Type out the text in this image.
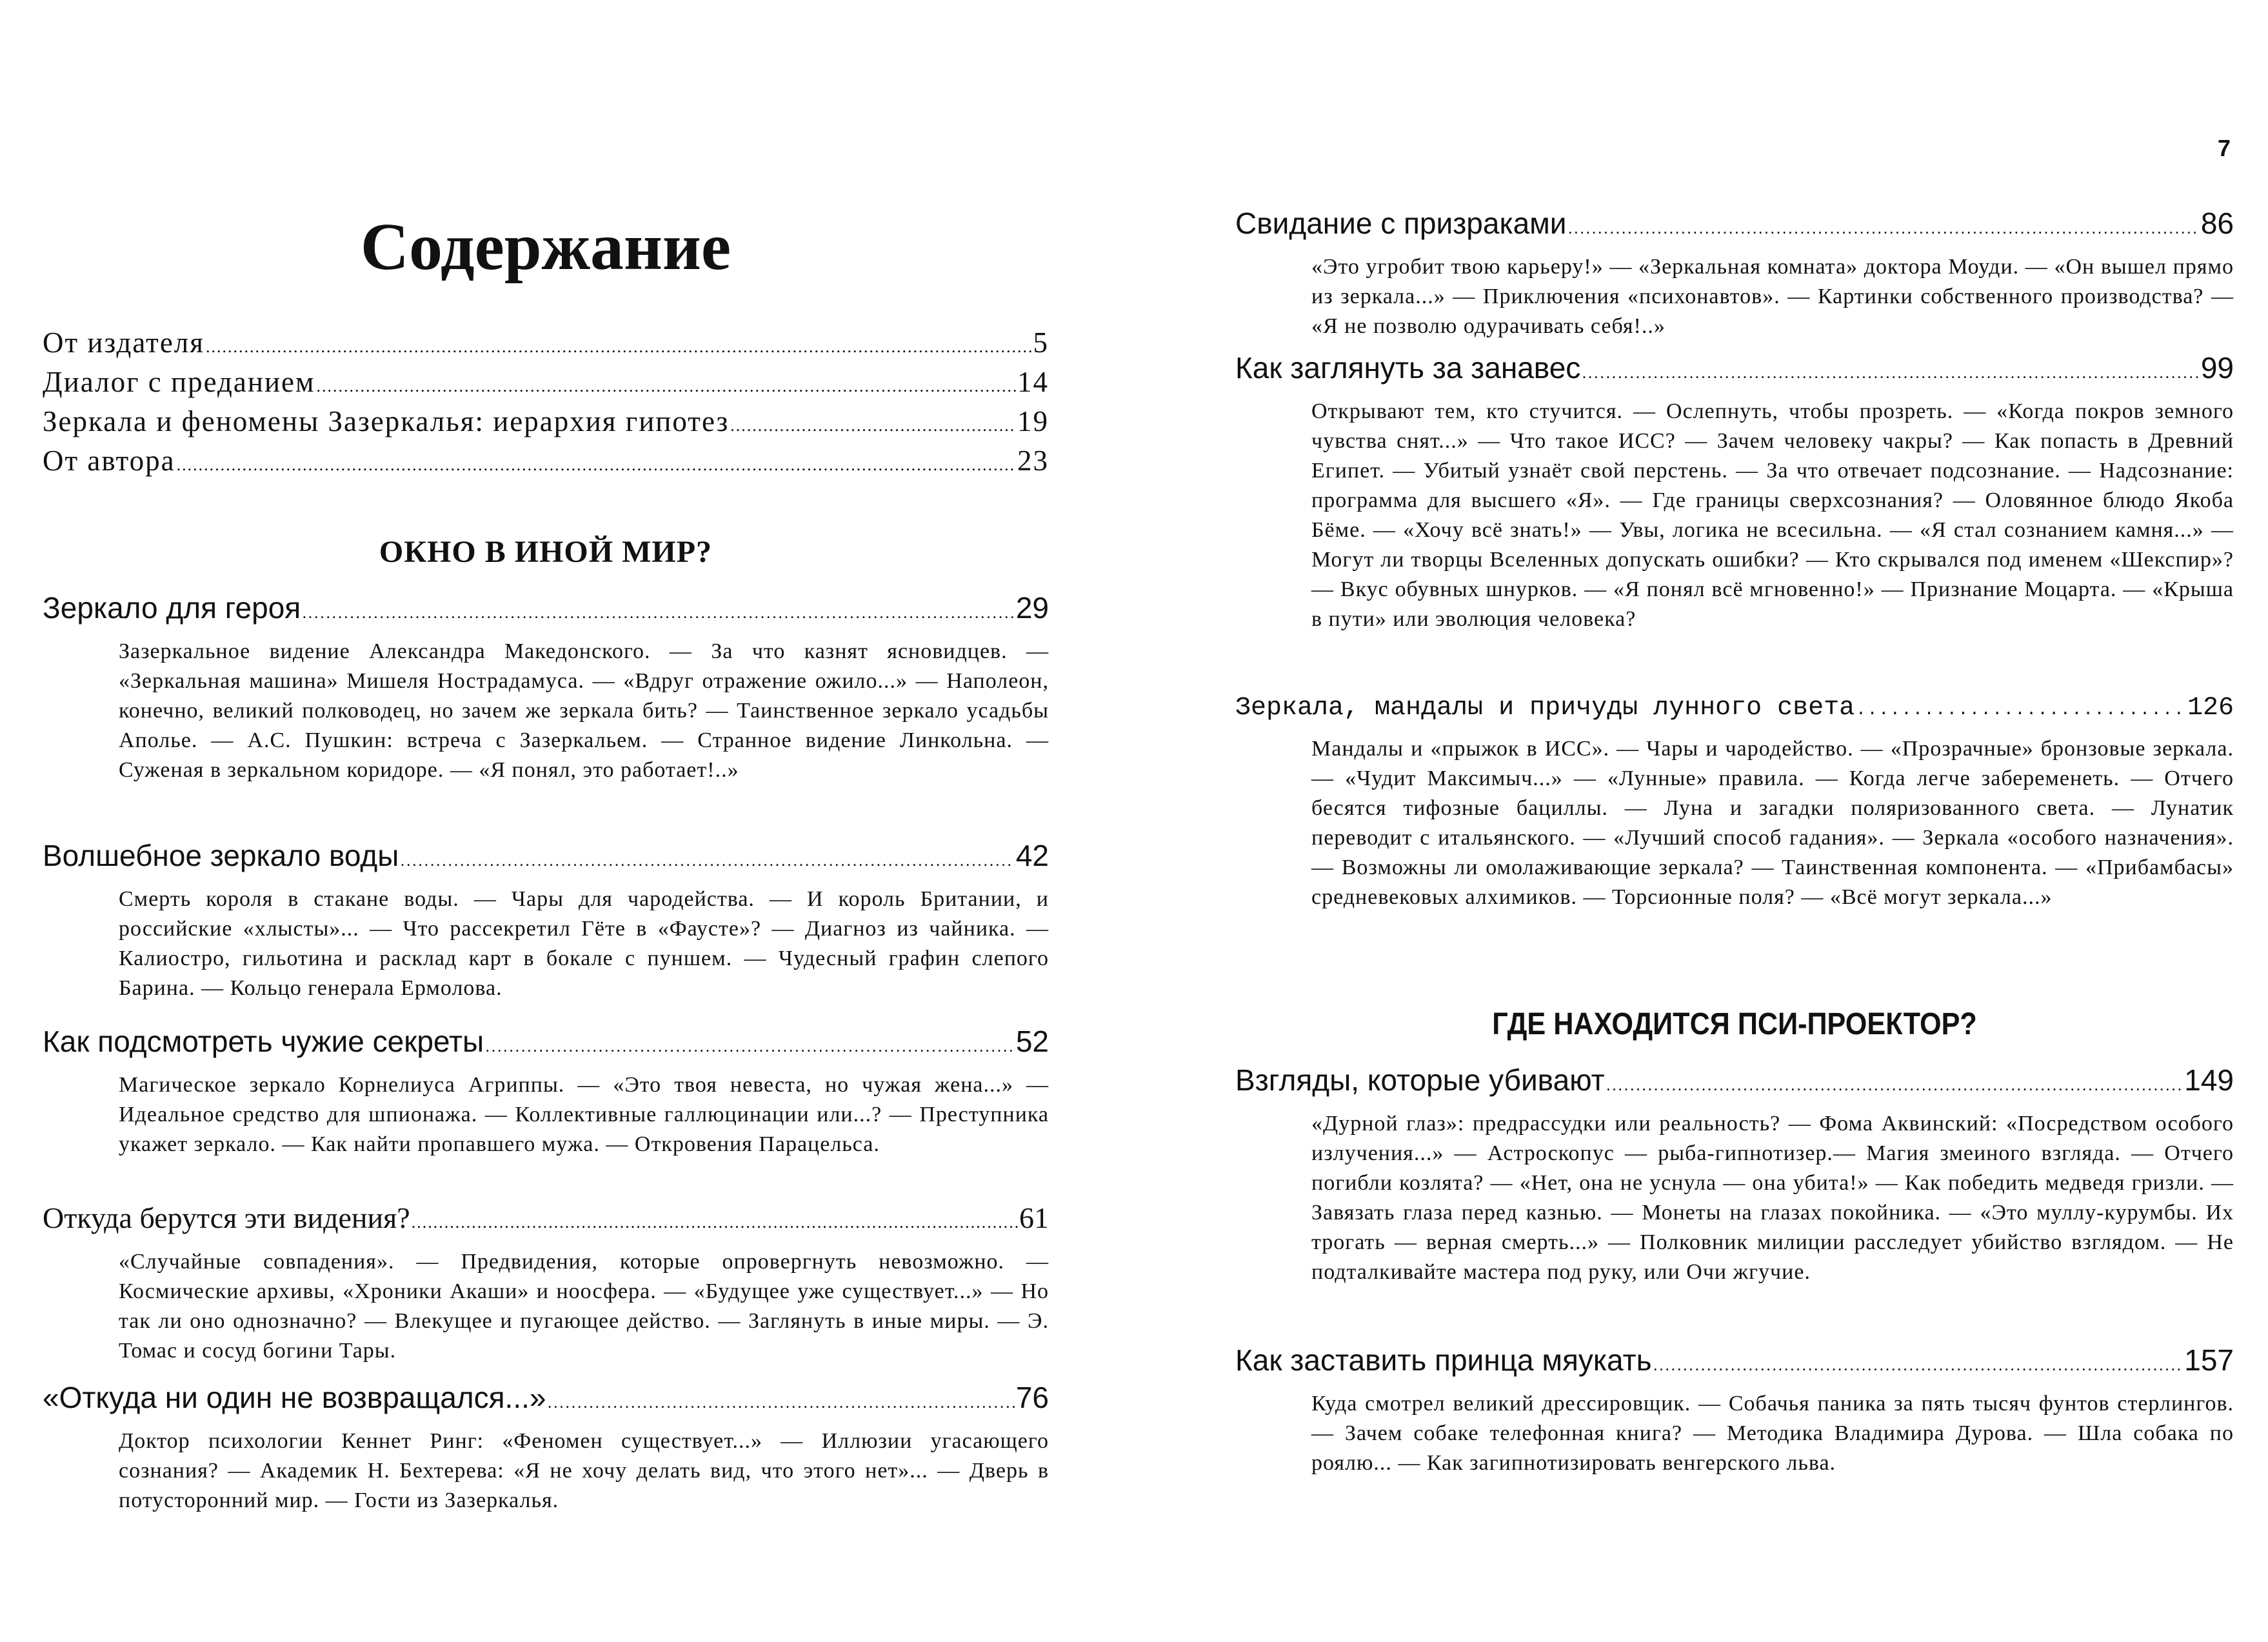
7
Содержание
От издателя .....	5
Диалог с преданием .....	14
Зеркала и феномены Зазеркалья: иерархия гипотез .....	19
От автора .....	23
ОКНО В ИНОЙ МИР?
Зеркало для героя .....	29

Зазеркальное видение Александра Македонского. — За что казнят ясновидцев. — «Зеркальная машина» Мишеля Нострадамуса. — «Вдруг отражение ожило...» — Наполеон, конечно, великий полководец, но зачем же зеркала бить? — Таинственное зеркало усадьбы Аполье. — А.С. Пушкин: встреча с Зазеркальем. — Странное видение Линкольна. — Суженая в зеркальном коридоре. — «Я понял, это работает!..»

Волшебное зеркало воды .....	42

Смерть короля в стакане воды. — Чары для чародейства. — И король Британии, и российские «хлысты»... — Что рассекретил Гёте в «Фаусте»? — Диагноз из чайника. — Калиостро, гильотина и расклад карт в бокале с пуншем. — Чудесный графин слепого Барина. — Кольцо генерала Ермолова.

Как подсмотреть чужие секреты .....	52

Магическое зеркало Корнелиуса Агриппы. — «Это твоя невеста, но чужая жена...» — Идеальное средство для шпионажа. — Коллективные галлюцинации или...? — Преступника укажет зеркало. — Как найти пропавшего мужа. — Откровения Парацельса.

Откуда берутся эти видения? .....	61

«Случайные совпадения». — Предвидения, которые опровергнуть невозможно. — Космические архивы, «Хроники Акаши» и ноосфера. — «Будущее уже существует...» — Но так ли оно однозначно? — Влекущее и пугающее действо. — Заглянуть в иные миры. — Э. Томас и сосуд богини Тары.

«Откуда ни один не возвращался...» .....	76

Доктор психологии Кеннет Ринг: «Феномен существует...» — Иллюзии угасающего сознания? — Академик Н. Бехтерева: «Я не хочу делать вид, что этого нет»... — Дверь в потусторонний мир. — Гости из Зазеркалья.

Свидание с призраками .....	86

«Это угробит твою карьеру!» — «Зеркальная комната» доктора Моуди. — «Он вышел прямо из зеркала...» — Приключения «психонавтов». — Картинки собственного производства? — «Я не позволю одурачивать себя!..»

Как заглянуть за занавес .....	99

Открывают тем, кто стучится. — Ослепнуть, чтобы прозреть. — «Когда покров земного чувства снят...» — Что такое ИСС? — Зачем человеку чакры? — Как попасть в Древний Египет. — Убитый узнаёт свой перстень. — За что отвечает подсознание. — Надсознание: программа для высшего «Я». — Где границы сверхсознания? — Оловянное блюдо Якоба Бёме. — «Хочу всё знать!» — Увы, логика не всесильна. — «Я стал сознанием камня...» — Могут ли творцы Вселенных допускать ошибки? — Кто скрывался под именем «Шекспир»? — Вкус обувных шнурков. — «Я понял всё мгновенно!» — Признание Моцарта. — «Крыша в пути» или эволюция человека?

Зеркала, мандалы и причуды лунного света .....	126

Мандалы и «прыжок в ИСС». — Чары и чародейство. — «Прозрачные» бронзовые зеркала. — «Чудит Максимыч...» — «Лунные» правила. — Когда легче забеременеть. — Отчего бесятся тифозные бациллы. — Луна и загадки поляризованного света. — Лунатик переводит с итальянского. — «Лучший способ гадания». — Зеркала «особого назначения». — Возможны ли омолаживающие зеркала? — Таинственная компонента. — «Прибамбасы» средневековых алхимиков. — Торсионные поля? — «Всё могут зеркала...»

ГДЕ НАХОДИТСЯ ПСИ-ПРОЕКТОР?
Взгляды, которые убивают .....	149

«Дурной глаз»: предрассудки или реальность? — Фома Аквинский: «Посредством особого излучения...» — Астроскопус — рыба-гипнотизер.— Магия змеиного взгляда. — Отчего погибли козлята? — «Нет, она не уснула — она убита!» — Как победить медведя гризли. — Завязать глаза перед казнью. — Монеты на глазах покойника. — «Это муллу-курумбы. Их трогать — верная смерть...» — Полковник милиции расследует убийство взглядом. — Не подталкивайте мастера под руку, или Очи жгучие.

Как заставить принца мяукать .....	157

Куда смотрел великий дрессировщик. — Собачья паника за пять тысяч фунтов стерлингов. — Зачем собаке телефонная книга? — Методика Владимира Дурова. — Шла собака по роялю... — Как загипнотизировать венгерского льва.
